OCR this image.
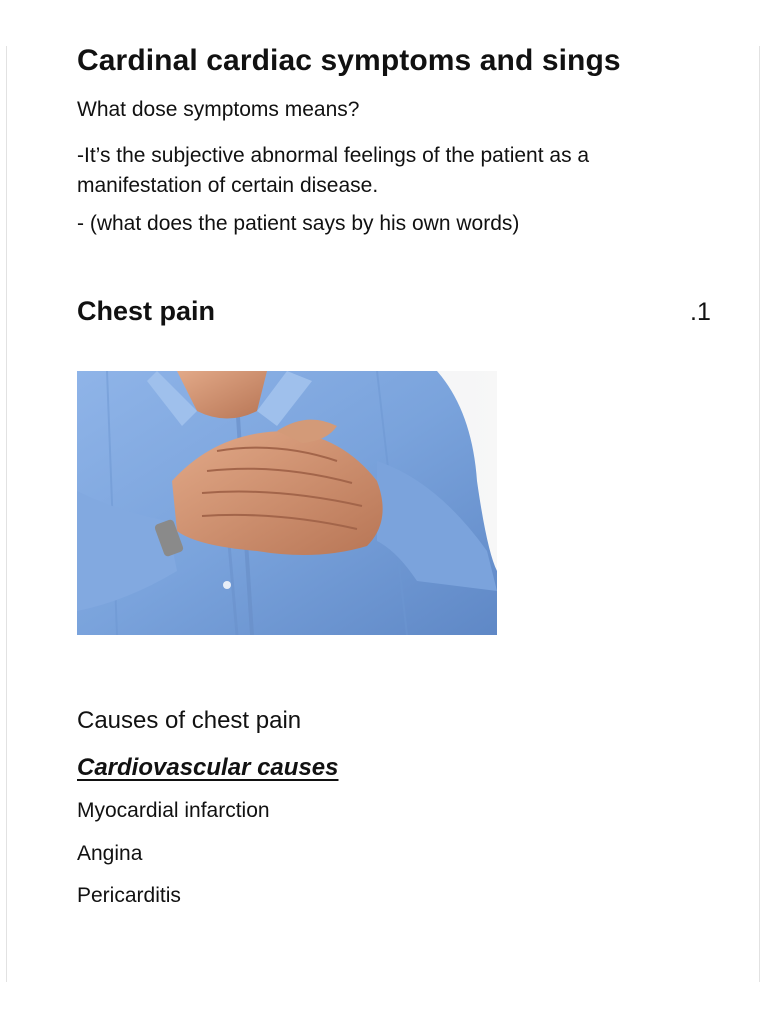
Cardinal cardiac symptoms and sings

What dose symptoms means?

-It’s the subjective abnormal feelings of the patient as a manifestation of certain disease.

- (what does the patient says by his own words)

Chest pain	.1

Causes of chest pain

Cardiovascular causes

Myocardial infarction

Angina

Pericarditis
